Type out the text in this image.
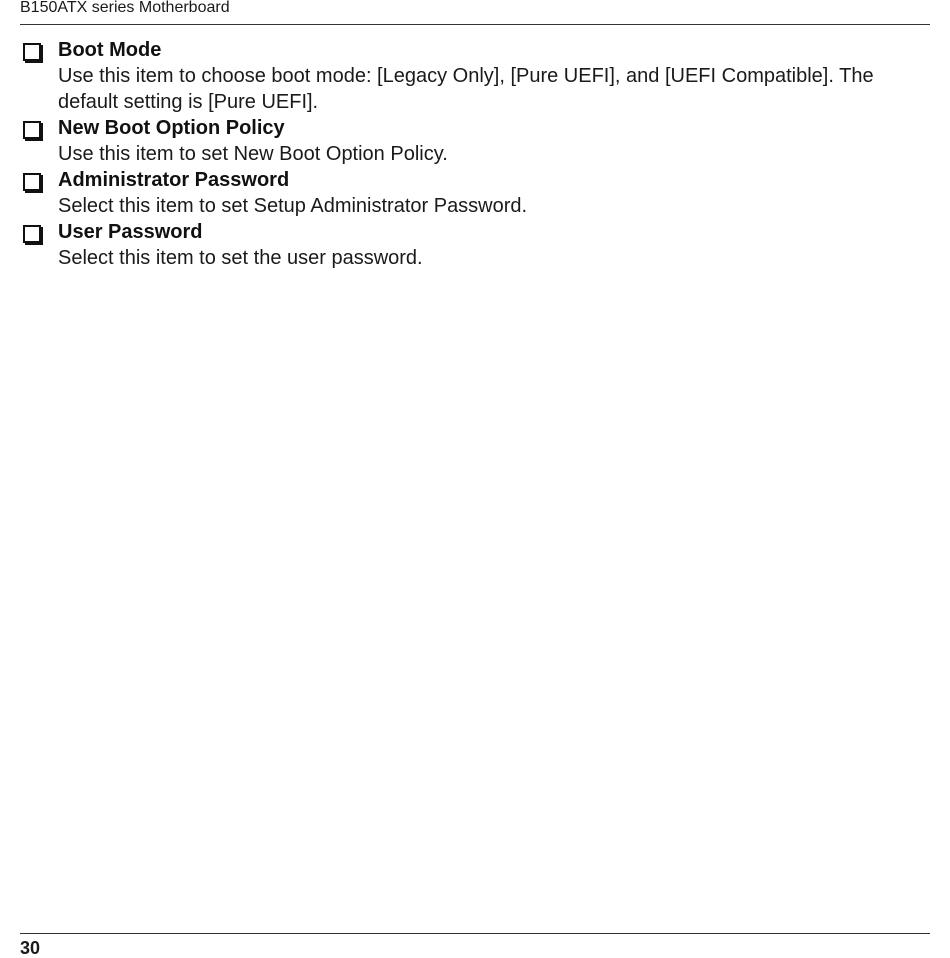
B150ATX series Motherboard
Boot Mode
Use this item to choose boot mode: [Legacy Only], [Pure UEFI], and [UEFI Compatible]. The default setting is [Pure UEFI].
New Boot Option Policy
Use this item to set New Boot Option Policy.
Administrator Password
Select this item to set Setup Administrator Password.
User Password
Select this item to set the user password.
30
